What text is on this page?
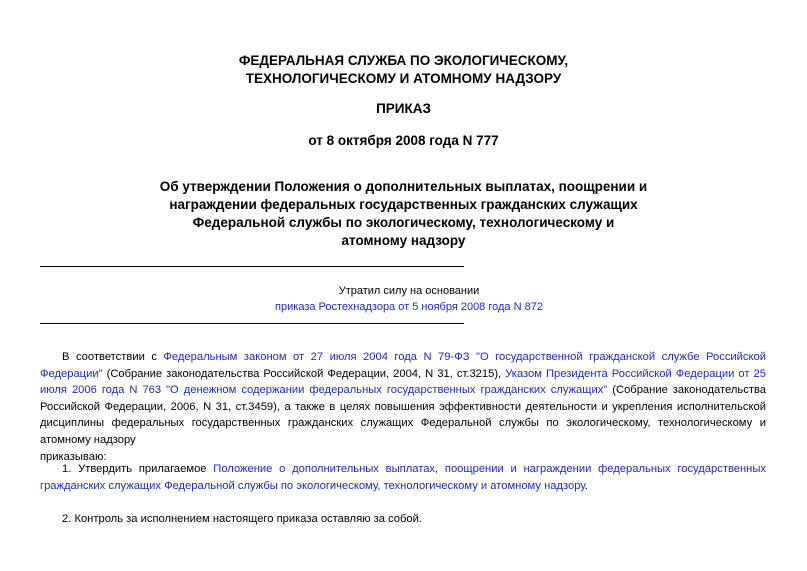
ФЕДЕРАЛЬНАЯ СЛУЖБА ПО ЭКОЛОГИЧЕСКОМУ,
ТЕХНОЛОГИЧЕСКОМУ И АТОМНОМУ НАДЗОРУ
ПРИКАЗ
от 8 октября 2008 года N 777
Об утверждении Положения о дополнительных выплатах, поощрении и
награждении федеральных государственных гражданских служащих
Федеральной службы по экологическому, технологическому и
атомному надзору
Утратил силу на основании
приказа Ростехнадзора от 5 ноября 2008 года N 872

В соответствии с Федеральным законом от 27 июля 2004 года N 79-ФЗ "О государственной гражданской службе Российской Федерации" (Собрание законодательства Российской Федерации, 2004, N 31, ст.3215), Указом Президента Российской Федерации от 25 июля 2006 года N 763 "О денежном содержании федеральных государственных гражданских служащих" (Собрание законодательства Российской Федерации, 2006, N 31, ст.3459), а также в целях повышения эффективности деятельности и укрепления исполнительской дисциплины федеральных государственных гражданских служащих Федеральной службы по экологическому, технологическому и атомному надзору

приказываю:

1. Утвердить прилагаемое Положение о дополнительных выплатах, поощрении и награждении федеральных государственных гражданских служащих Федеральной службы по экологическому, технологическому и атомному надзору.

2. Контроль за исполнением настоящего приказа оставляю за собой.
